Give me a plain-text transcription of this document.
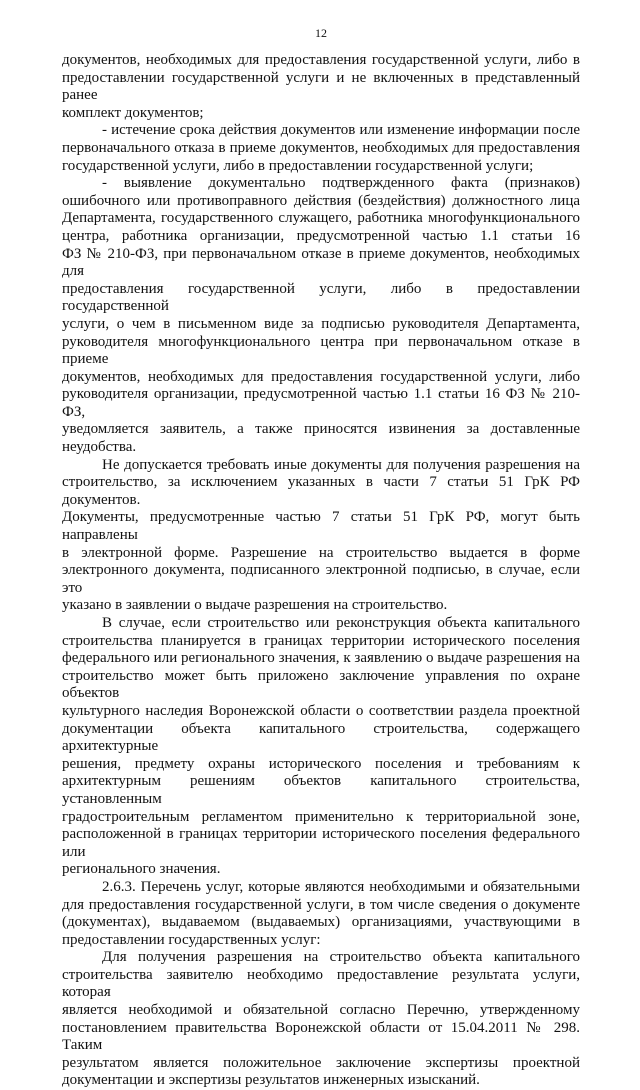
12

документов, необходимых для предоставления государственной услуги, либо в
предоставлении государственной услуги и не включенных в представленный ранее
комплект документов;

- истечение срока действия документов или изменение информации после
первоначального отказа в приеме документов, необходимых для предоставления
государственной услуги, либо в предоставлении государственной услуги;

- выявление документально подтвержденного факта (признаков)
ошибочного или противоправного действия (бездействия) должностного лица
Департамента, государственного служащего, работника многофункционального
центра, работника организации, предусмотренной частью 1.1 статьи 16
ФЗ № 210-ФЗ, при первоначальном отказе в приеме документов, необходимых для
предоставления государственной услуги, либо в предоставлении государственной
услуги, о чем в письменном виде за подписью руководителя Департамента,
руководителя многофункционального центра при первоначальном отказе в приеме
документов, необходимых для предоставления государственной услуги, либо
руководителя организации, предусмотренной частью 1.1 статьи 16 ФЗ № 210-ФЗ,
уведомляется заявитель, а также приносятся извинения за доставленные
неудобства.

Не допускается требовать иные документы для получения разрешения на
строительство, за исключением указанных в части 7 статьи 51 ГрК РФ документов.
Документы, предусмотренные частью 7 статьи 51 ГрК РФ, могут быть направлены
в электронной форме. Разрешение на строительство выдается в форме
электронного документа, подписанного электронной подписью, в случае, если это
указано в заявлении о выдаче разрешения на строительство.

В случае, если строительство или реконструкция объекта капитального
строительства планируется в границах территории исторического поселения
федерального или регионального значения, к заявлению о выдаче разрешения на
строительство может быть приложено заключение управления по охране объектов
культурного наследия Воронежской области о соответствии раздела проектной
документации объекта капитального строительства, содержащего архитектурные
решения, предмету охраны исторического поселения и требованиям к
архитектурным решениям объектов капитального строительства, установленным
градостроительным регламентом применительно к территориальной зоне,
расположенной в границах территории исторического поселения федерального или
регионального значения.

2.6.3. Перечень услуг, которые являются необходимыми и обязательными
для предоставления государственной услуги, в том числе сведения о документе
(документах), выдаваемом (выдаваемых) организациями, участвующими в
предоставлении государственных услуг:

Для получения разрешения на строительство объекта капитального
строительства заявителю необходимо предоставление результата услуги, которая
является необходимой и обязательной согласно Перечню, утвержденному
постановлением правительства Воронежской области от 15.04.2011 № 298. Таким
результатом является положительное заключение экспертизы проектной
документации и экспертизы результатов инженерных изысканий.
